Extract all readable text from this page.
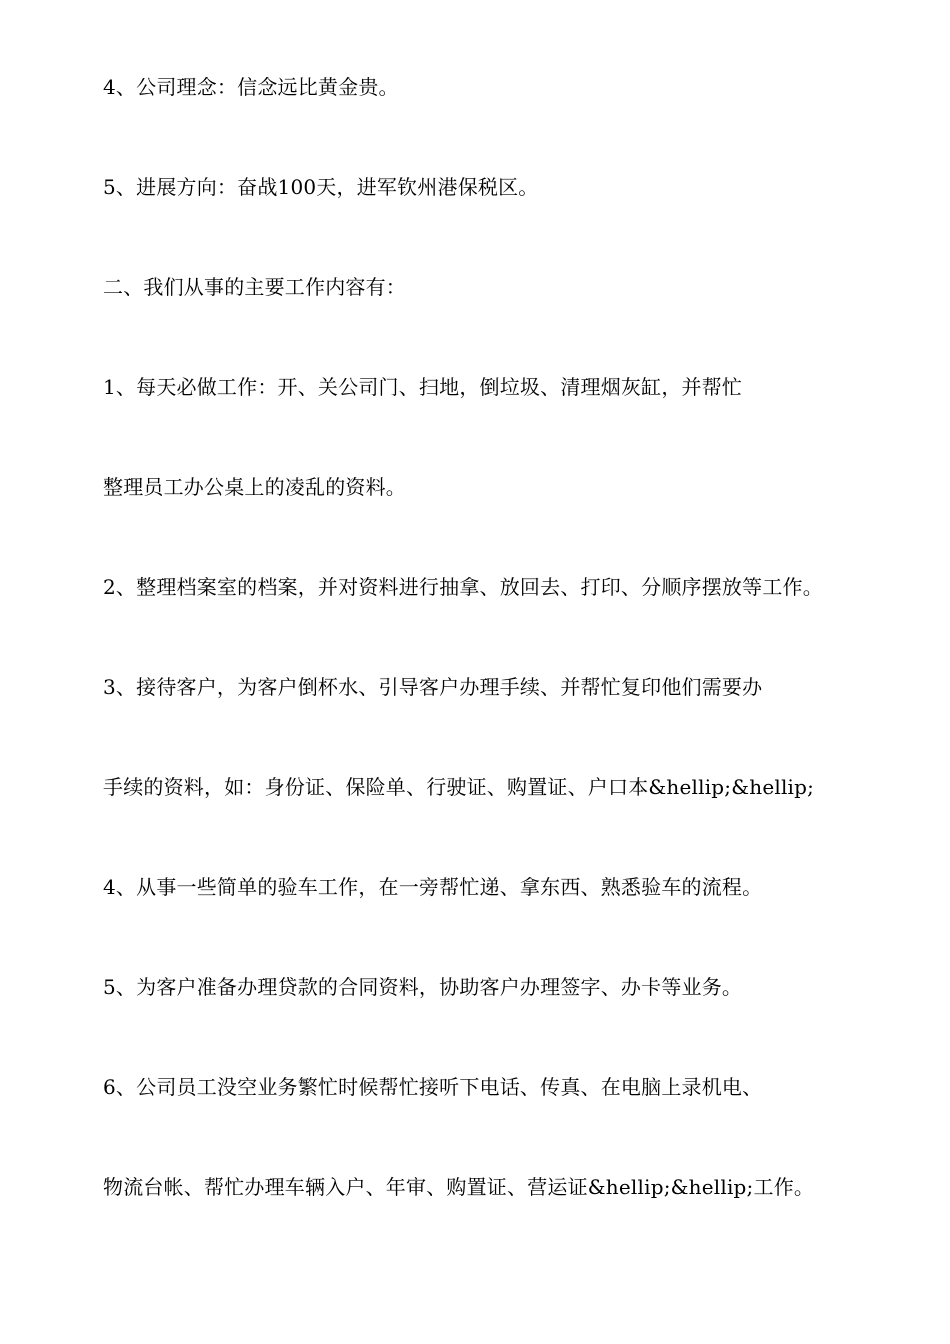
4、公司理念：信念远比黄金贵。
5、进展方向：奋战100天，进军钦州港保税区。
二、我们从事的主要工作内容有：
1、每天必做工作：开、关公司门、扫地，倒垃圾、清理烟灰缸，并帮忙
整理员工办公桌上的凌乱的资料。
2、整理档案室的档案，并对资料进行抽拿、放回去、打印、分顺序摆放等工作。
3、接待客户，为客户倒杯水、引导客户办理手续、并帮忙复印他们需要办
手续的资料，如：身份证、保险单、行驶证、购置证、户口本&hellip;&hellip;
4、从事一些简单的验车工作，在一旁帮忙递、拿东西、熟悉验车的流程。
5、为客户准备办理贷款的合同资料，协助客户办理签字、办卡等业务。
6、公司员工没空业务繁忙时候帮忙接听下电话、传真、在电脑上录机电、
物流台帐、帮忙办理车辆入户、年审、购置证、营运证&hellip;&hellip;工作。
